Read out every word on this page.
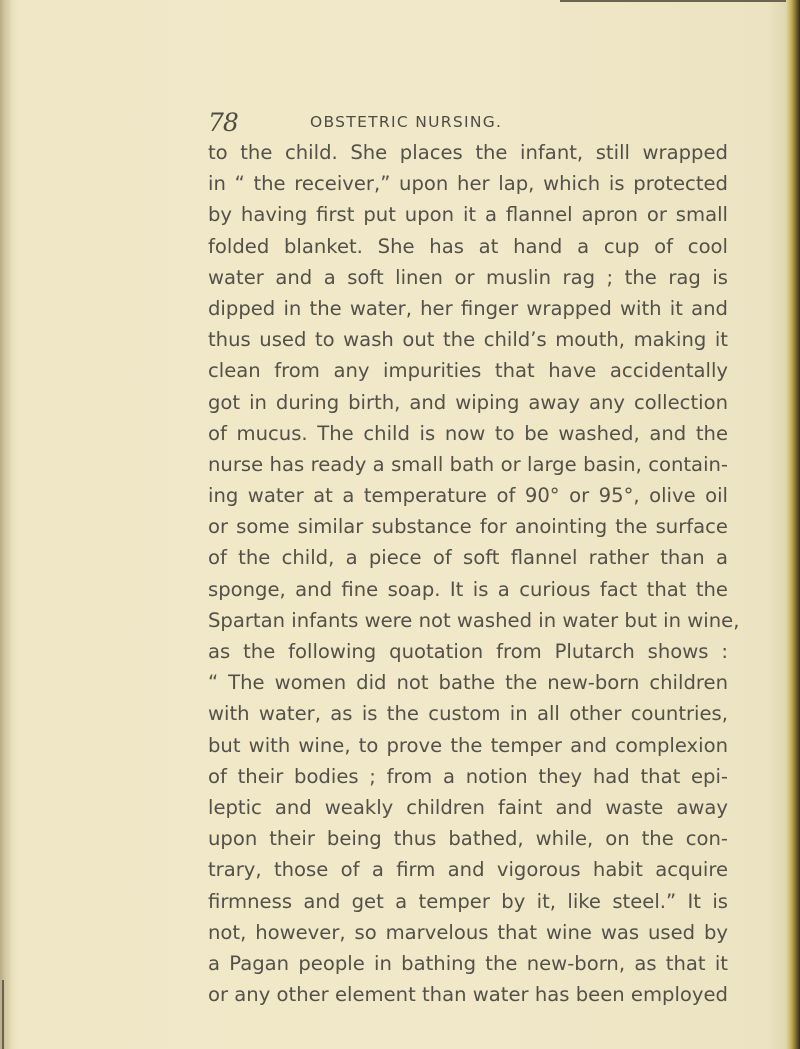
78	OBSTETRIC NURSING.
to the child. She places the infant, still wrapped
in “ the receiver,” upon her lap, which is protected
by having first put upon it a flannel apron or small
folded blanket. She has at hand a cup of cool
water and a soft linen or muslin rag ; the rag is
dipped in the water, her finger wrapped with it and
thus used to wash out the child’s mouth, making it
clean from any impurities that have accidentally
got in during birth, and wiping away any collection
of mucus. The child is now to be washed, and the
nurse has ready a small bath or large basin, contain-
ing water at a temperature of 90° or 95°, olive oil
or some similar substance for anointing the surface
of the child, a piece of soft flannel rather than a
sponge, and fine soap. It is a curious fact that the
Spartan infants were not washed in water but in wine,
as the following quotation from Plutarch shows :
“ The women did not bathe the new-born children
with water, as is the custom in all other countries,
but with wine, to prove the temper and complexion
of their bodies ; from a notion they had that epi-
leptic and weakly children faint and waste away
upon their being thus bathed, while, on the con-
trary, those of a firm and vigorous habit acquire
firmness and get a temper by it, like steel.” It is
not, however, so marvelous that wine was used by
a Pagan people in bathing the new-born, as that it
or any other element than water has been employed
